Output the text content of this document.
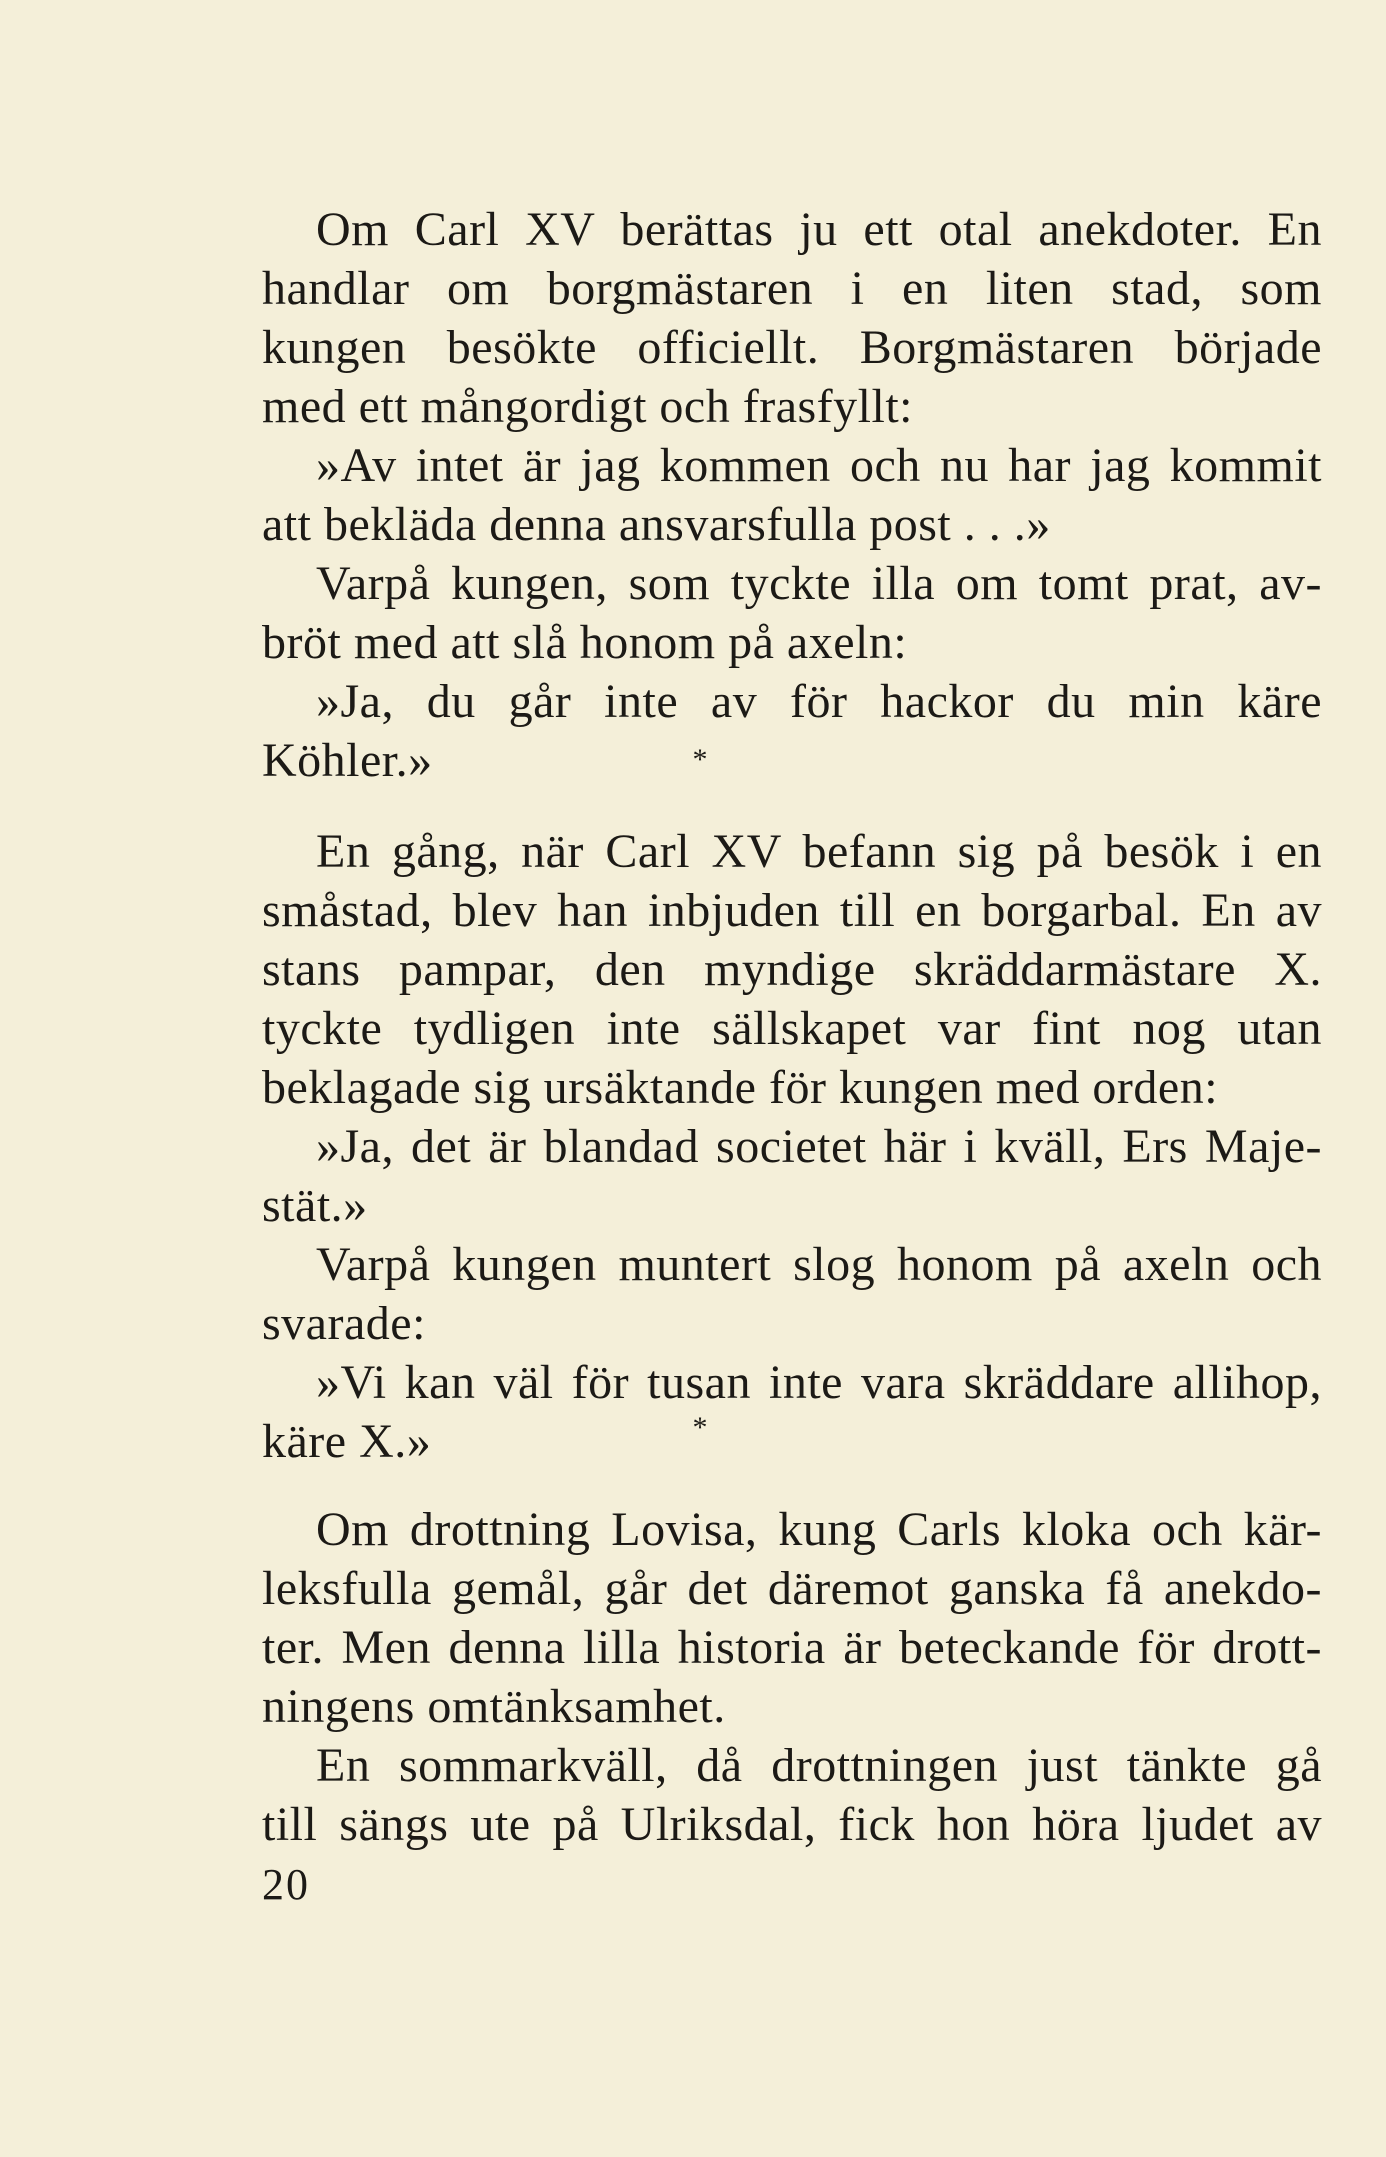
Om Carl XV berättas ju ett otal anekdoter. En
handlar om borgmästaren i en liten stad, som
kungen besökte officiellt. Borgmästaren började
med ett mångordigt och frasfyllt:
»Av intet är jag kommen och nu har jag kommit
att bekläda denna ansvarsfulla post . . .»
Varpå kungen, som tyckte illa om tomt prat, av-
bröt med att slå honom på axeln:
»Ja, du går inte av för hackor du min käre
Köhler.»	*
En gång, när Carl XV befann sig på besök i en
småstad, blev han inbjuden till en borgarbal. En av
stans pampar, den myndige skräddarmästare X.
tyckte tydligen inte sällskapet var fint nog utan
beklagade sig ursäktande för kungen med orden:
»Ja, det är blandad societet här i kväll, Ers Maje-
stät.»
Varpå kungen muntert slog honom på axeln och
svarade:
»Vi kan väl för tusan inte vara skräddare allihop,
käre X.»	*
Om drottning Lovisa, kung Carls kloka och kär-
leksfulla gemål, går det däremot ganska få anekdo-
ter. Men denna lilla historia är beteckande för drott-
ningens omtänksamhet.
En sommarkväll, då drottningen just tänkte gå
till sängs ute på Ulriksdal, fick hon höra ljudet av
20
